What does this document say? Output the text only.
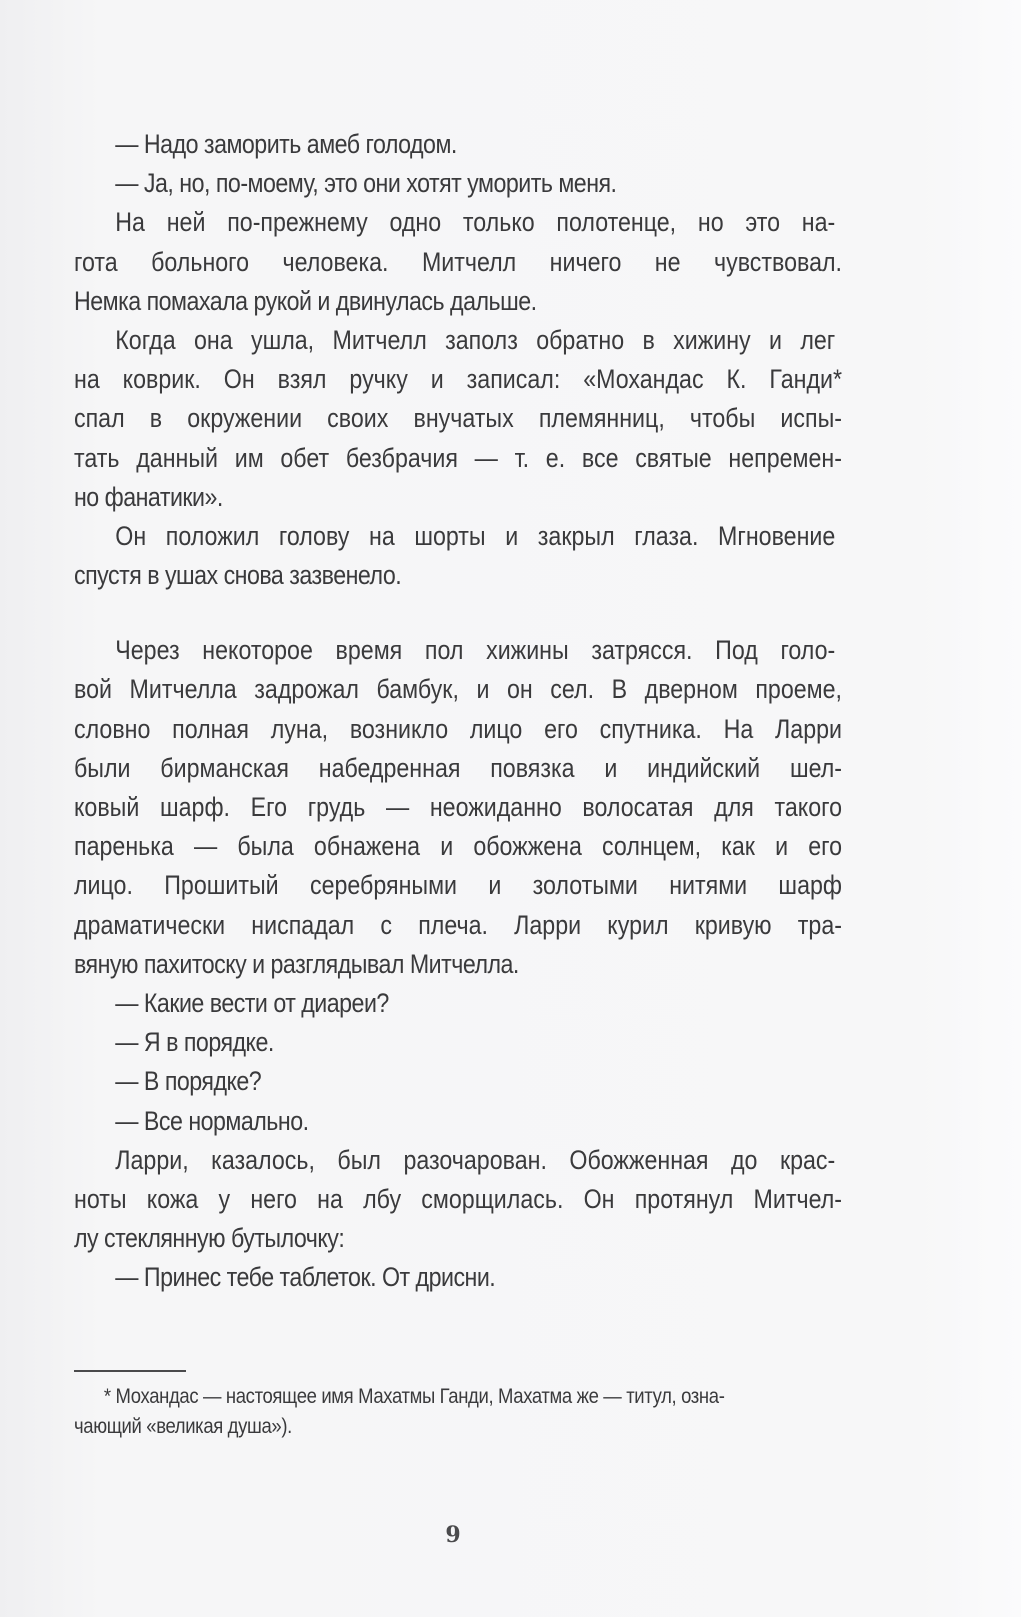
— Надо заморить амеб голодом.
— Ja, но, по-моему, это они хотят уморить меня.
На ней по-прежнему одно только полотенце, но это на-
гота больного человека. Митчелл ничего не чувствовал.
Немка помахала рукой и двинулась дальше.
Когда она ушла, Митчелл заполз обратно в хижину и лег
на коврик. Он взял ручку и записал: «Мохандас К. Ганди*
спал в окружении своих внучатых племянниц, чтобы испы-
тать данный им обет безбрачия — т. е. все святые непремен-
но фанатики».
Он положил голову на шорты и закрыл глаза. Мгновение
спустя в ушах снова зазвенело.
Через некоторое время пол хижины затрясся. Под голо-
вой Митчелла задрожал бамбук, и он сел. В дверном проеме,
словно полная луна, возникло лицо его спутника. На Ларри
были бирманская набедренная повязка и индийский шел-
ковый шарф. Его грудь — неожиданно волосатая для такого
паренька — была обнажена и обожжена солнцем, как и его
лицо. Прошитый серебряными и золотыми нитями шарф
драматически ниспадал с плеча. Ларри курил кривую тра-
вяную пахитоску и разглядывал Митчелла.
— Какие вести от диареи?
— Я в порядке.
— В порядке?
— Все нормально.
Ларри, казалось, был разочарован. Обожженная до крас-
ноты кожа у него на лбу сморщилась. Он протянул Митчел-
лу стеклянную бутылочку:
— Принес тебе таблеток. От дрисни.
* Мохандас — настоящее имя Махатмы Ганди, Махатма же — титул, озна-
чающий «великая душа»).
9
